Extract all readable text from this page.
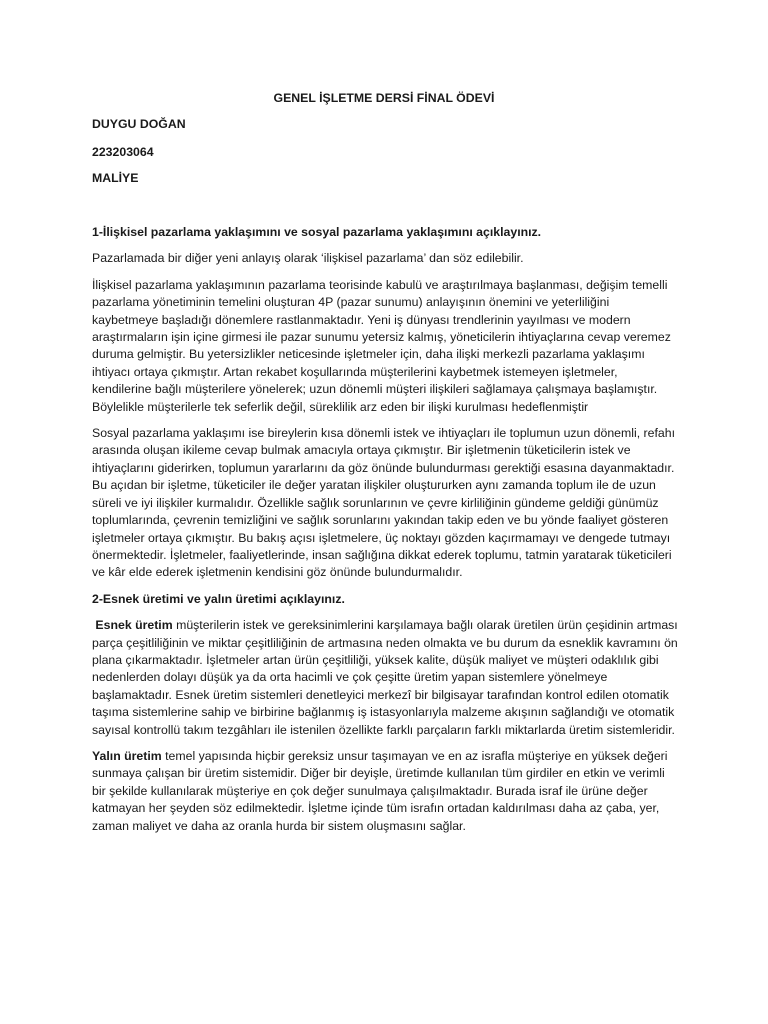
GENEL İŞLETME DERSİ FİNAL ÖDEVİ

DUYGU DOĞAN

223203064

MALİYE

1-İlişkisel pazarlama yaklaşımını ve sosyal pazarlama yaklaşımını açıklayınız.

Pazarlamada bir diğer yeni anlayış olarak ‘ilişkisel pazarlama’ dan söz edilebilir.

İlişkisel pazarlama yaklaşımının pazarlama teorisinde kabulü ve araştırılmaya başlanması, değişim temelli pazarlama yönetiminin temelini oluşturan 4P (pazar sunumu) anlayışının önemini ve yeterliliğini kaybetmeye başladığı dönemlere rastlanmaktadır. Yeni iş dünyası trendlerinin yayılması ve modern araştırmaların işin içine girmesi ile pazar sunumu yetersiz kalmış, yöneticilerin ihtiyaçlarına cevap veremez duruma gelmiştir. Bu yetersizlikler neticesinde işletmeler için, daha ilişki merkezli pazarlama yaklaşımı ihtiyacı ortaya çıkmıştır. Artan rekabet koşullarında müşterilerini kaybetmek istemeyen işletmeler, kendilerine bağlı müşterilere yönelerek; uzun dönemli müşteri ilişkileri sağlamaya çalışmaya başlamıştır. Böylelikle müşterilerle tek seferlik değil, süreklilik arz eden bir ilişki kurulması hedeflenmiştir

Sosyal pazarlama yaklaşımı ise bireylerin kısa dönemli istek ve ihtiyaçları ile toplumun uzun dönemli, refahı arasında oluşan ikileme cevap bulmak amacıyla ortaya çıkmıştır. Bir işletmenin tüketicilerin istek ve ihtiyaçlarını giderirken, toplumun yararlarını da göz önünde bulundurması gerektiği esasına dayanmaktadır. Bu açıdan bir işletme, tüketiciler ile değer yaratan ilişkiler oluştururken aynı zamanda toplum ile de uzun süreli ve iyi ilişkiler kurmalıdır. Özellikle sağlık sorunlarının ve çevre kirliliğinin gündeme geldiği günümüz toplumlarında, çevrenin temizliğini ve sağlık sorunlarını yakından takip eden ve bu yönde faaliyet gösteren işletmeler ortaya çıkmıştır. Bu bakış açısı işletmelere, üç noktayı gözden kaçırmamayı ve dengede tutmayı önermektedir. İşletmeler, faaliyetlerinde, insan sağlığına dikkat ederek toplumu, tatmin yaratarak tüketicileri ve kâr elde ederek işletmenin kendisini göz önünde bulundurmalıdır.

2-Esnek üretimi ve yalın üretimi açıklayınız.

Esnek üretim müşterilerin istek ve gereksinimlerini karşılamaya bağlı olarak üretilen ürün çeşidinin artması parça çeşitliliğinin ve miktar çeşitliliğinin de artmasına neden olmakta ve bu durum da esneklik kavramını ön plana çıkarmaktadır. İşletmeler artan ürün çeşitliliği, yüksek kalite, düşük maliyet ve müşteri odaklılık gibi nedenlerden dolayı düşük ya da orta hacimli ve çok çeşitte üretim yapan sistemlere yönelmeye başlamaktadır. Esnek üretim sistemleri denetleyici merkezî bir bilgisayar tarafından kontrol edilen otomatik taşıma sistemlerine sahip ve birbirine bağlanmış iş istasyonlarıyla malzeme akışının sağlandığı ve otomatik sayısal kontrollü takım tezgâhları ile istenilen özellikte farklı parçaların farklı miktarlarda üretim sistemleridir.

Yalın üretim temel yapısında hiçbir gereksiz unsur taşımayan ve en az israfla müşteriye en yüksek değeri sunmaya çalışan bir üretim sistemidir. Diğer bir deyişle, üretimde kullanılan tüm girdiler en etkin ve verimli bir şekilde kullanılarak müşteriye en çok değer sunulmaya çalışılmaktadır. Burada israf ile ürüne değer katmayan her şeyden söz edilmektedir. İşletme içinde tüm israfın ortadan kaldırılması daha az çaba, yer, zaman maliyet ve daha az oranla hurda bir sistem oluşmasını sağlar.
